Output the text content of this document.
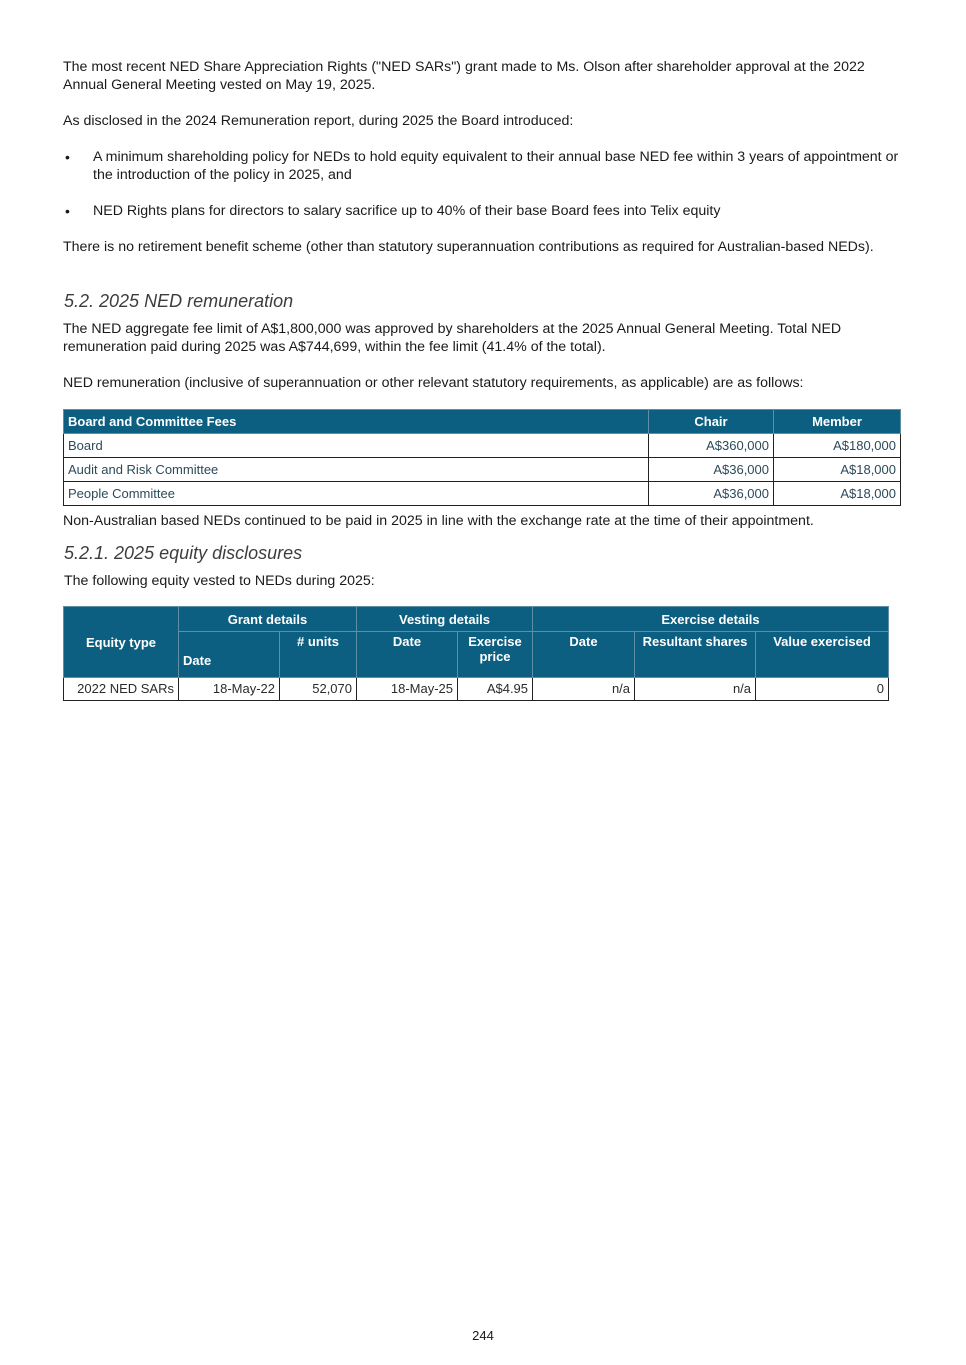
The most recent NED Share Appreciation Rights ("NED SARs") grant made to Ms. Olson after shareholder approval at the 2022 Annual General Meeting vested on May 19, 2025.

As disclosed in the 2024 Remuneration report, during 2025 the Board introduced:

• A minimum shareholding policy for NEDs to hold equity equivalent to their annual base NED fee within 3 years of appointment or the introduction of the policy in 2025, and
• NED Rights plans for directors to salary sacrifice up to 40% of their base Board fees into Telix equity

There is no retirement benefit scheme (other than statutory superannuation contributions as required for Australian-based NEDs).

5.2. 2025 NED remuneration

The NED aggregate fee limit of A$1,800,000 was approved by shareholders at the 2025 Annual General Meeting. Total NED remuneration paid during 2025 was A$744,699, within the fee limit (41.4% of the total).

NED remuneration (inclusive of superannuation or other relevant statutory requirements, as applicable) are as follows:

Board and Committee Fees	Chair	Member
Board	A$360,000	A$180,000
Audit and Risk Committee	A$36,000	A$18,000
People Committee	A$36,000	A$18,000

Non-Australian based NEDs continued to be paid in 2025 in line with the exchange rate at the time of their appointment.

5.2.1. 2025 equity disclosures

The following equity vested to NEDs during 2025:

Equity type	Grant details		Vesting details		Exercise details		
	Date	# units	Date	Exercise price	Date	Resultant shares	Value exercised
2022 NED SARs	18-May-22	52,070	18-May-25	A$4.95	n/a	n/a	0
244
